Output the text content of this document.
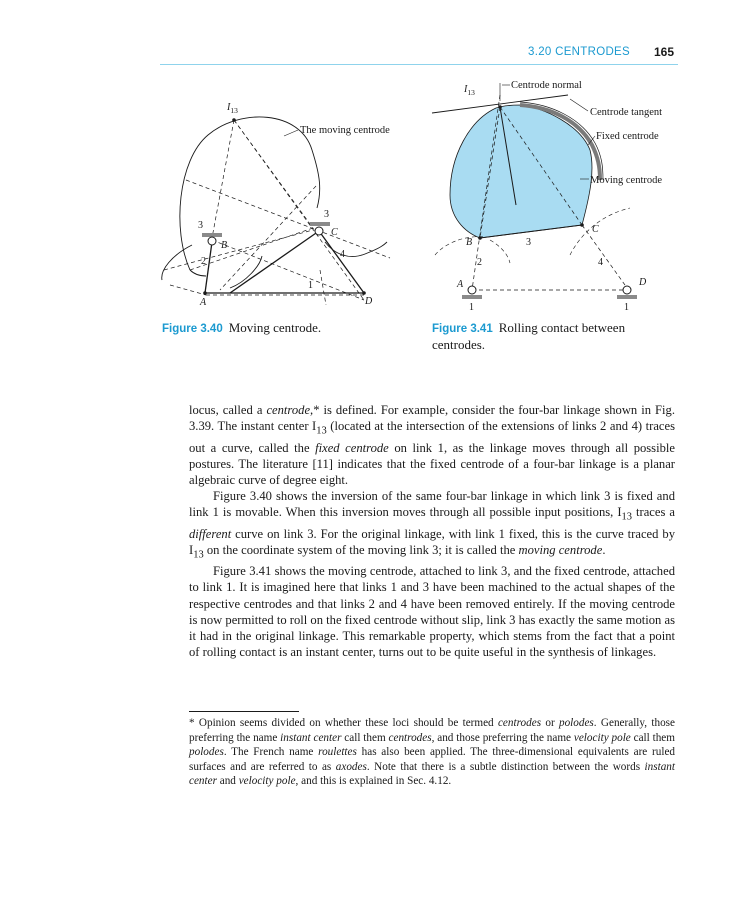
3.20 CENTRODES 165
$I_{13}$
The moving centrode
B
C
A	D
1
2
3
3
4
$I_{13}$
Centrode normal
Centrode tangent
Fixed centrode
Moving centrode
B
C
A	D
1	1
2
3
4
Figure 3.40 Moving centrode.	Figure 3.41 Rolling contact between centrodes.

locus, called a centrode,* is defined. For example, consider the four-bar linkage shown in Fig. 3.39. The instant center $I_{13}$ (located at the intersection of the extensions of links 2 and 4) traces out a curve, called the fixed centrode on link 1, as the linkage moves through all possible postures. The literature [11] indicates that the fixed centrode of a four-bar linkage is a planar algebraic curve of degree eight.

Figure 3.40 shows the inversion of the same four-bar linkage in which link 3 is fixed and link 1 is movable. When this inversion moves through all possible input positions, $I_{13}$ traces a different curve on link 3. For the original linkage, with link 1 fixed, this is the curve traced by $I_{13}$ on the coordinate system of the moving link 3; it is called the moving centrode.

Figure 3.41 shows the moving centrode, attached to link 3, and the fixed centrode, attached to link 1. It is imagined here that links 1 and 3 have been machined to the actual shapes of the respective centrodes and that links 2 and 4 have been removed entirely. If the moving centrode is now permitted to roll on the fixed centrode without slip, link 3 has exactly the same motion as it had in the original linkage. This remarkable property, which stems from the fact that a point of rolling contact is an instant center, turns out to be quite useful in the synthesis of linkages.

* Opinion seems divided on whether these loci should be termed centrodes or polodes. Generally, those preferring the name instant center call them centrodes, and those preferring the name velocity pole call them polodes. The French name roulettes has also been applied. The three-dimensional equivalents are ruled surfaces and are referred to as axodes. Note that there is a subtle distinction between the words instant center and velocity pole, and this is explained in Sec. 4.12.
